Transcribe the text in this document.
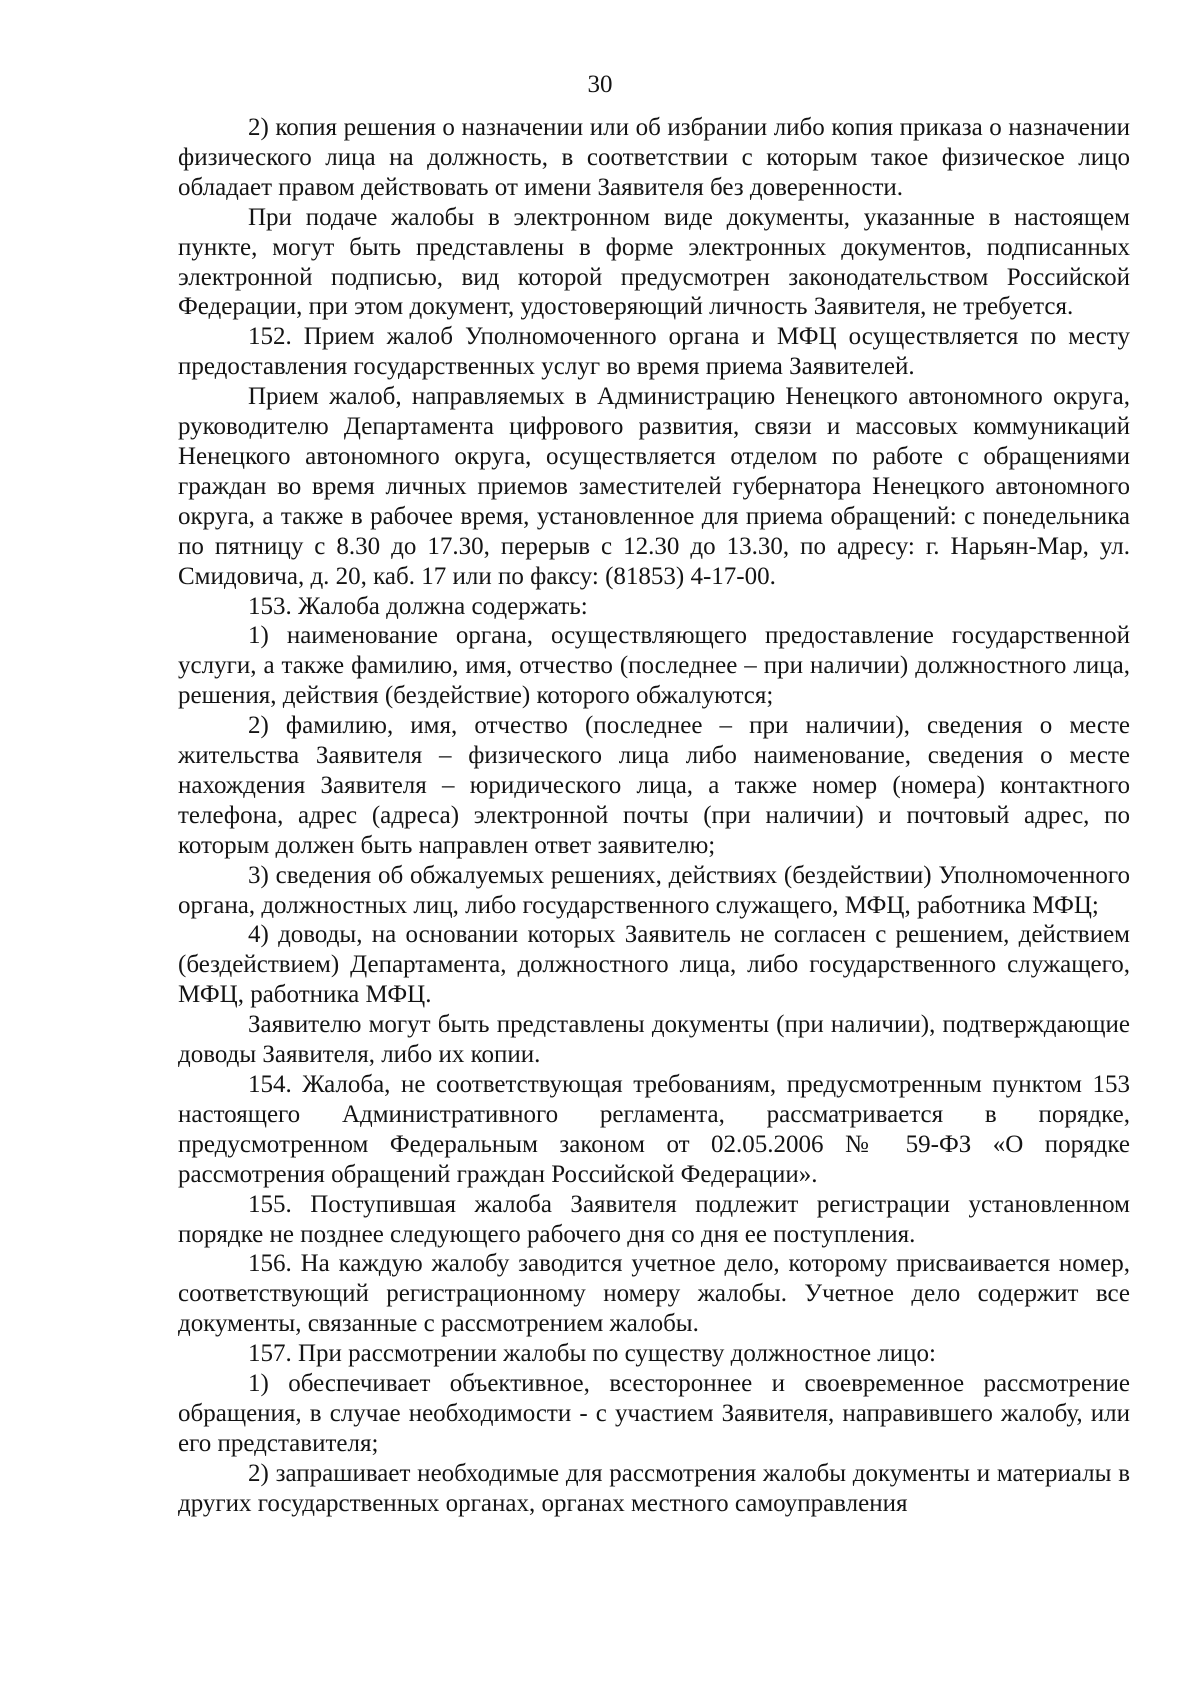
30

2) копия решения о назначении или об избрании либо копия приказа о назначении физического лица на должность, в соответствии с которым такое физическое лицо обладает правом действовать от имени Заявителя без доверенности.

При подаче жалобы в электронном виде документы, указанные в настоящем пункте, могут быть представлены в форме электронных документов, подписанных электронной подписью, вид которой предусмотрен законодательством Российской Федерации, при этом документ, удостоверяющий личность Заявителя, не требуется.

152. Прием жалоб Уполномоченного органа и МФЦ осуществляется по месту предоставления государственных услуг во время приема Заявителей.

Прием жалоб, направляемых в Администрацию Ненецкого автономного округа, руководителю Департамента цифрового развития, связи и массовых коммуникаций Ненецкого автономного округа, осуществляется отделом по работе с обращениями граждан во время личных приемов заместителей губернатора Ненецкого автономного округа, а также в рабочее время, установленное для приема обращений: с понедельника по пятницу с 8.30 до 17.30, перерыв с 12.30 до 13.30, по адресу: г. Нарьян-Мар, ул. Смидовича, д. 20, каб. 17 или по факсу: (81853) 4-17-00.

153. Жалоба должна содержать:

1) наименование органа, осуществляющего предоставление государственной услуги, а также фамилию, имя, отчество (последнее – при наличии) должностного лица, решения, действия (бездействие) которого обжалуются;

2) фамилию, имя, отчество (последнее – при наличии), сведения о месте жительства Заявителя – физического лица либо наименование, сведения о месте нахождения Заявителя – юридического лица, а также номер (номера) контактного телефона, адрес (адреса) электронной почты (при наличии) и почтовый адрес, по которым должен быть направлен ответ заявителю;

3) сведения об обжалуемых решениях, действиях (бездействии) Уполномоченного органа, должностных лиц, либо государственного служащего, МФЦ, работника МФЦ;

4) доводы, на основании которых Заявитель не согласен с решением, действием (бездействием) Департамента, должностного лица, либо государственного служащего, МФЦ, работника МФЦ.

Заявителю могут быть представлены документы (при наличии), подтверждающие доводы Заявителя, либо их копии.

154. Жалоба, не соответствующая требованиям, предусмотренным пунктом 153 настоящего Административного регламента, рассматривается в порядке, предусмотренном Федеральным законом от 02.05.2006 № 59-ФЗ «О порядке рассмотрения обращений граждан Российской Федерации».

155. Поступившая жалоба Заявителя подлежит регистрации установленном порядке не позднее следующего рабочего дня со дня ее поступления.

156. На каждую жалобу заводится учетное дело, которому присваивается номер, соответствующий регистрационному номеру жалобы. Учетное дело содержит все документы, связанные с рассмотрением жалобы.

157. При рассмотрении жалобы по существу должностное лицо:

1) обеспечивает объективное, всестороннее и своевременное рассмотрение обращения, в случае необходимости - с участием Заявителя, направившего жалобу, или его представителя;

2) запрашивает необходимые для рассмотрения жалобы документы и материалы в других государственных органах, органах местного самоуправления
